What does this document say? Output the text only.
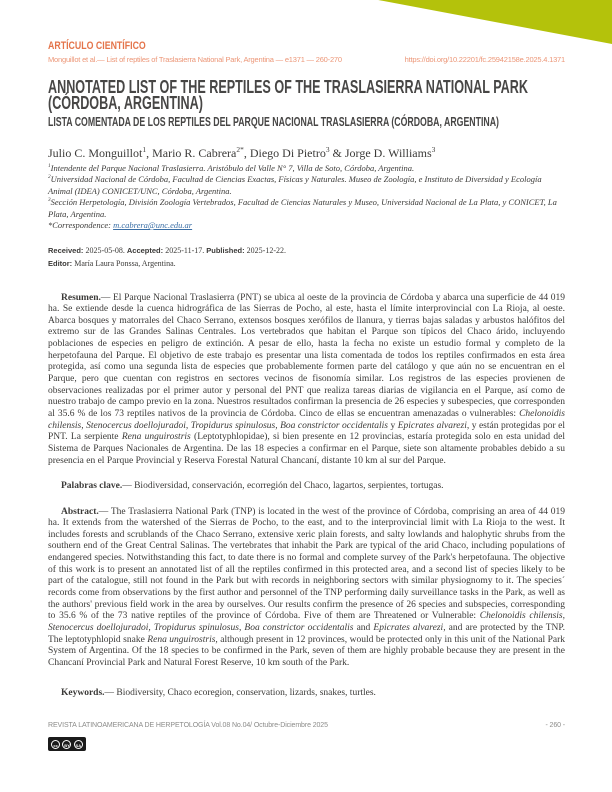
ARTÍCULO CIENTÍFICO
Monguillot et al.— List of reptiles of Traslasierra National Park, Argentina — e1371 — 260-270	https://doi.org/10.22201/fc.25942158e.2025.4.1371
ANNOTATED LIST OF THE REPTILES OF THE TRASLASIERRA NATIONAL PARK
(CÓRDOBA, ARGENTINA)
LISTA COMENTADA DE LOS REPTILES DEL PARQUE NACIONAL TRASLASIERRA (CÓRDOBA, ARGENTINA)
Julio C. Monguillot$^1$, Mario R. Cabrera$^{2*}$, Diego Di Pietro$^3$ & Jorge D. Williams$^3$

$^1$Intendente del Parque Nacional Traslasierra. Aristóbulo del Valle N° 7, Villa de Soto, Córdoba, Argentina.

$^2$Universidad Nacional de Córdoba, Facultad de Ciencias Exactas, Físicas y Naturales. Museo de Zoología, e Instituto de Diversidad y Ecología Animal (IDEA) CONICET/UNC, Córdoba, Argentina.

$^3$Sección Herpetología, División Zoología Vertebrados, Facultad de Ciencias Naturales y Museo, Universidad Nacional de La Plata, y CONICET, La Plata, Argentina.

*Correspondence: m.cabrera@unc.edu.ar

Received: 2025-05-08. Accepted: 2025-11-17. Published: 2025-12-22.
Editor: María Laura Ponssa, Argentina.

Resumen.— El Parque Nacional Traslasierra (PNT) se ubica al oeste de la provincia de Córdoba y abarca una superficie de 44 019 ha. Se extiende desde la cuenca hidrográfica de las Sierras de Pocho, al este, hasta el límite interprovincial con La Rioja, al oeste. Abarca bosques y matorrales del Chaco Serrano, extensos bosques xerófilos de llanura, y tierras bajas saladas y arbustos halófitos del extremo sur de las Grandes Salinas Centrales. Los vertebrados que habitan el Parque son típicos del Chaco árido, incluyendo poblaciones de especies en peligro de extinción. A pesar de ello, hasta la fecha no existe un estudio formal y completo de la herpetofauna del Parque. El objetivo de este trabajo es presentar una lista comentada de todos los reptiles confirmados en esta área protegida, así como una segunda lista de especies que probablemente formen parte del catálogo y que aún no se encuentran en el Parque, pero que cuentan con registros en sectores vecinos de fisonomía similar. Los registros de las especies provienen de observaciones realizadas por el primer autor y personal del PNT que realiza tareas diarias de vigilancia en el Parque, así como de nuestro trabajo de campo previo en la zona. Nuestros resultados confirman la presencia de 26 especies y subespecies, que corresponden al 35.6 % de los 73 reptiles nativos de la provincia de Córdoba. Cinco de ellas se encuentran amenazadas o vulnerables: Chelonoidis chilensis, Stenocercus doellojuradoi, Tropidurus spinulosus, Boa constrictor occidentalis y Epicrates alvarezi, y están protegidas por el PNT. La serpiente Rena unguirostris (Leptotyphlopidae), si bien presente en 12 provincias, estaría protegida solo en esta unidad del Sistema de Parques Nacionales de Argentina. De las 18 especies a confirmar en el Parque, siete son altamente probables debido a su presencia en el Parque Provincial y Reserva Forestal Natural Chancaní, distante 10 km al sur del Parque.

Palabras clave.— Biodiversidad, conservación, ecorregión del Chaco, lagartos, serpientes, tortugas.

Abstract.— The Traslasierra National Park (TNP) is located in the west of the province of Córdoba, comprising an area of 44 019 ha. It extends from the watershed of the Sierras de Pocho, to the east, and to the interprovincial limit with La Rioja to the west. It includes forests and scrublands of the Chaco Serrano, extensive xeric plain forests, and salty lowlands and halophytic shrubs from the southern end of the Great Central Salinas. The vertebrates that inhabit the Park are typical of the arid Chaco, including populations of endangered species. Notwithstanding this fact, to date there is no formal and complete survey of the Park's herpetofauna. The objective of this work is to present an annotated list of all the reptiles confirmed in this protected area, and a second list of species likely to be part of the catalogue, still not found in the Park but with records in neighboring sectors with similar physiognomy to it. The species´ records come from observations by the first author and personnel of the TNP performing daily surveillance tasks in the Park, as well as the authors' previous field work in the area by ourselves. Our results confirm the presence of 26 species and subspecies, corresponding to 35.6 % of the 73 native reptiles of the province of Córdoba. Five of them are Threatened or Vulnerable: Chelonoidis chilensis, Stenocercus doellojuradoi, Tropidurus spinulosus, Boa constrictor occidentalis and Epicrates alvarezi, and are protected by the TNP. The leptotyphlopid snake Rena unguirostris, although present in 12 provinces, would be protected only in this unit of the National Park System of Argentina. Of the 18 species to be confirmed in the Park, seven of them are highly probable because they are present in the Chancaní Provincial Park and Natural Forest Reserve, 10 km south of the Park.

Keywords.— Biodiversity, Chaco ecoregion, conservation, lizards, snakes, turtles.

REVISTA LATINOAMERICANA DE HERPETOLOGÍA Vol.08 No.04/ Octubre-Diciembre 2025	- 260 -
cc	BY	SA
